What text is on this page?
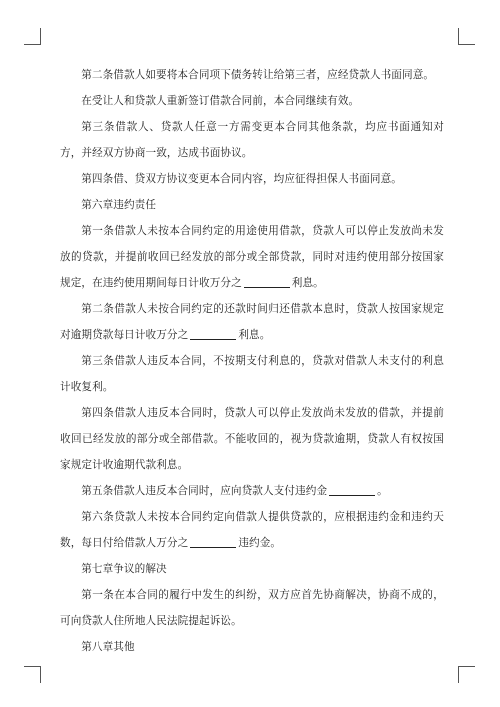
第二条借款人如要将本合同项下债务转让给第三者，应经贷款人书面同意。

在受让人和贷款人重新签订借款合同前，本合同继续有效。

第三条借款人、贷款人任意一方需变更本合同其他条款，均应书面通知对方，并经双方协商一致，达成书面协议。

第四条借、贷双方协议变更本合同内容，均应征得担保人书面同意。

第六章违约责任

第一条借款人未按本合同约定的用途使用借款，贷款人可以停止发放尚未发放的贷款，并提前收回已经发放的部分或全部贷款，同时对违约使用部分按国家规定，在违约使用期间每日计收万分之	利息。

第二条借款人未按合同约定的还款时间归还借款本息时，贷款人按国家规定对逾期贷款每日计收万分之	利息。

第三条借款人违反本合同，不按期支付利息的，贷款对借款人未支付的利息计收复利。

第四条借款人违反本合同时，贷款人可以停止发放尚未发放的借款，并提前收回已经发放的部分或全部借款。不能收回的，视为贷款逾期，贷款人有权按国家规定计收逾期代款利息。

第五条借款人违反本合同时，应向贷款人支付违约金	。

第六条贷款人未按本合同约定向借款人提供贷款的，应根据违约金和违约天数，每日付给借款人万分之	违约金。

第七章争议的解决

第一条在本合同的履行中发生的纠纷，双方应首先协商解决，协商不成的，可向贷款人住所地人民法院提起诉讼。

第八章其他
